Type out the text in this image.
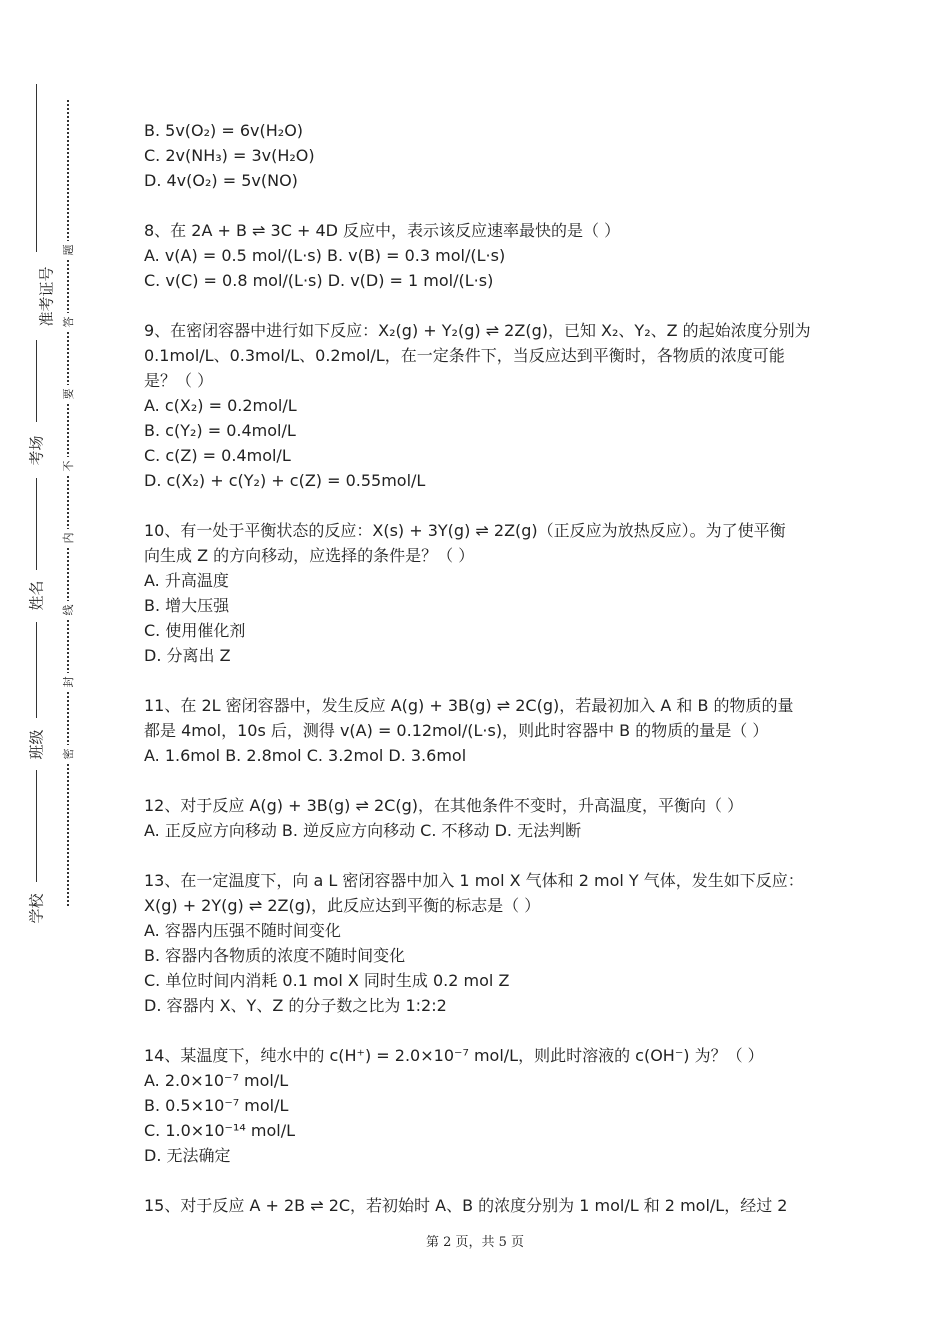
准考证号
考场
姓名
班级
学校
题
答
要
不
内
线
封
密
B. 5v(O₂) = 6v(H₂O)
C. 2v(NH₃) = 3v(H₂O)
D. 4v(O₂) = 5v(NO)
8、在 2A + B ⇌ 3C + 4D 反应中，表示该反应速率最快的是（ ）
A. v(A) = 0.5 mol/(L·s) B. v(B) = 0.3 mol/(L·s)
C. v(C) = 0.8 mol/(L·s) D. v(D) = 1 mol/(L·s)
9、在密闭容器中进行如下反应：X₂(g) + Y₂(g) ⇌ 2Z(g)，已知 X₂、Y₂、Z 的起始浓度分别为
0.1mol/L、0.3mol/L、0.2mol/L，在一定条件下，当反应达到平衡时，各物质的浓度可能
是？（ ）
A. c(X₂) = 0.2mol/L
B. c(Y₂) = 0.4mol/L
C. c(Z) = 0.4mol/L
D. c(X₂) + c(Y₂) + c(Z) = 0.55mol/L
10、有一处于平衡状态的反应：X(s) + 3Y(g) ⇌ 2Z(g)（正反应为放热反应）。为了使平衡
向生成 Z 的方向移动，应选择的条件是？（ ）
A. 升高温度
B. 增大压强
C. 使用催化剂
D. 分离出 Z
11、在 2L 密闭容器中，发生反应 A(g) + 3B(g) ⇌ 2C(g)，若最初加入 A 和 B 的物质的量
都是 4mol，10s 后，测得 v(A) = 0.12mol/(L·s)，则此时容器中 B 的物质的量是（ ）
A. 1.6mol B. 2.8mol C. 3.2mol D. 3.6mol
12、对于反应 A(g) + 3B(g) ⇌ 2C(g)，在其他条件不变时，升高温度，平衡向（ ）
A. 正反应方向移动 B. 逆反应方向移动 C. 不移动 D. 无法判断
13、在一定温度下，向 a L 密闭容器中加入 1 mol X 气体和 2 mol Y 气体，发生如下反应：
X(g) + 2Y(g) ⇌ 2Z(g)，此反应达到平衡的标志是（ ）
A. 容器内压强不随时间变化
B. 容器内各物质的浓度不随时间变化
C. 单位时间内消耗 0.1 mol X 同时生成 0.2 mol Z
D. 容器内 X、Y、Z 的分子数之比为 1:2:2
14、某温度下，纯水中的 c(H⁺) = 2.0×10⁻⁷ mol/L，则此时溶液的 c(OH⁻) 为？（ ）
A. 2.0×10⁻⁷ mol/L
B. 0.5×10⁻⁷ mol/L
C. 1.0×10⁻¹⁴ mol/L
D. 无法确定
15、对于反应 A + 2B ⇌ 2C，若初始时 A、B 的浓度分别为 1 mol/L 和 2 mol/L，经过 2
第 2 页，共 5 页
